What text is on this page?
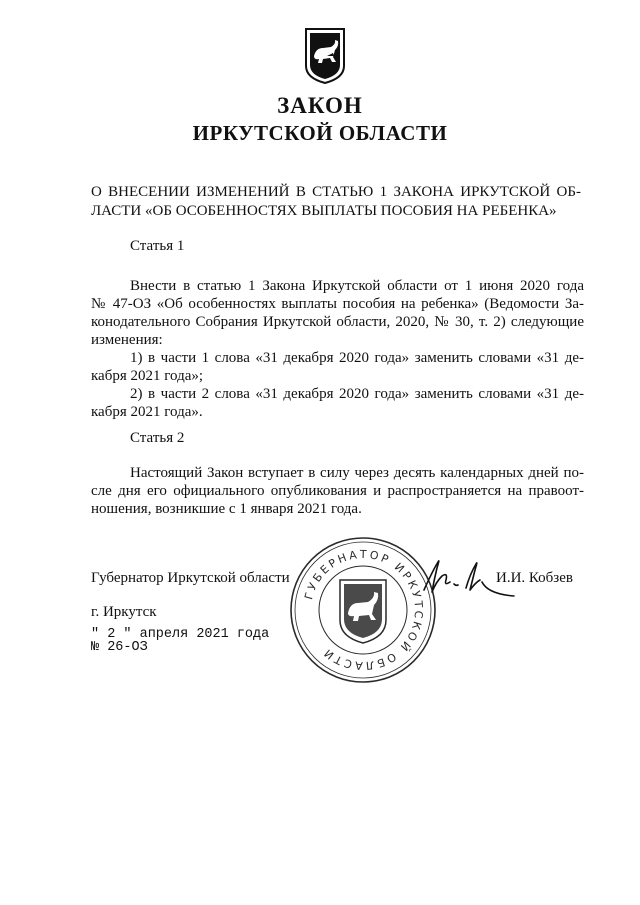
ЗАКОН
ИРКУТСКОЙ ОБЛАСТИ
О ВНЕСЕНИИ ИЗМЕНЕНИЙ В СТАТЬЮ 1 ЗАКОНА ИРКУТСКОЙ ОБ-
ЛАСТИ «ОБ ОСОБЕННОСТЯХ ВЫПЛАТЫ ПОСОБИЯ НА РЕБЕНКА»
Статья 1
Внести в статью 1 Закона Иркутской области от 1 июня 2020 года
№ 47-ОЗ «Об особенностях выплаты пособия на ребенка» (Ведомости За-
конодательного Собрания Иркутской области, 2020, № 30, т. 2) следующие
изменения:
1) в части 1 слова «31 декабря 2020 года» заменить словами «31 де-
кабря 2021 года»;
2) в части 2 слова «31 декабря 2020 года» заменить словами «31 де-
кабря 2021 года».
Статья 2
Настоящий Закон вступает в силу через десять календарных дней по-
сле дня его официального опубликования и распространяется на правоот-
ношения, возникшие с 1 января 2021 года.
ГУБЕРНАТОР ИРКУТСКОЙ ОБЛАСТИ
Губернатор Иркутской области	И.И. Кобзев
г. Иркутск
" 2 " апреля 2021 года
№ 26-ОЗ
